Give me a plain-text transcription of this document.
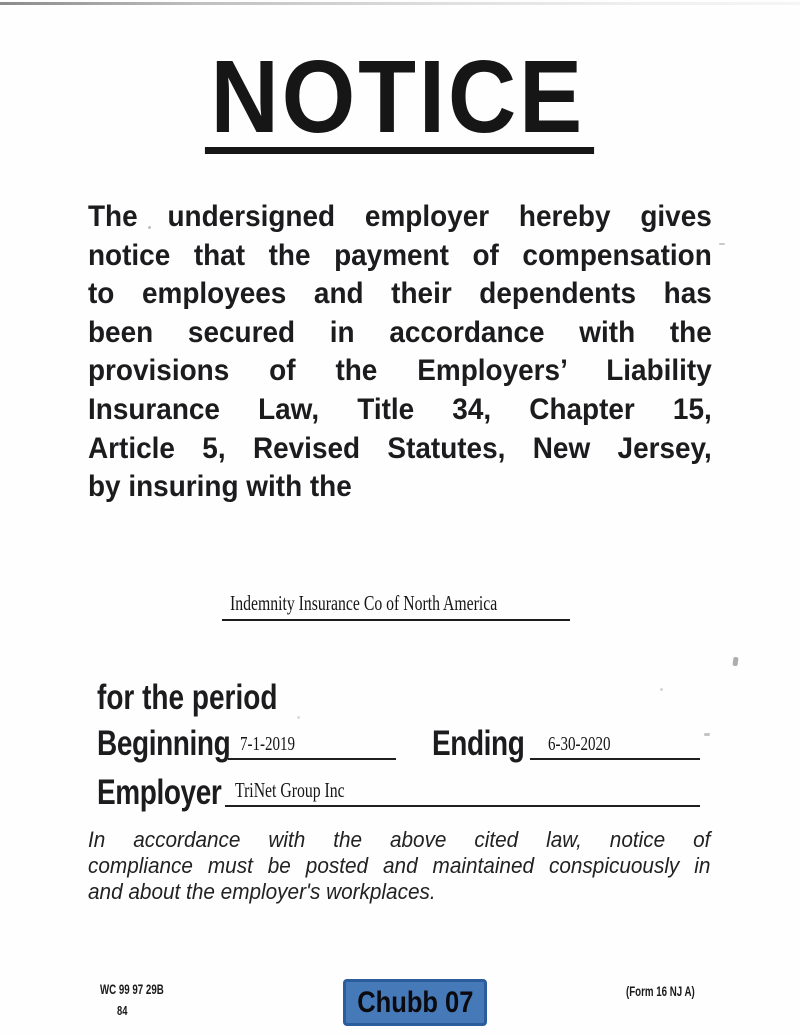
NOTICE
The undersigned employer hereby gives
notice that the payment of compensation
to employees and their dependents has
been secured in accordance with the
provisions of the Employers’ Liability
Insurance Law, Title 34, Chapter 15,
Article 5, Revised Statutes, New Jersey,
by insuring with the
Indemnity Insurance Co of North America
for the period
Beginning 7-1-2019	Ending 6-30-2020
Employer TriNet Group Inc
In accordance with the above cited law, notice of
compliance must be posted and maintained conspicuously in
and about the employer's workplaces.
WC 99 97 29B
84	Chubb 07	(Form 16 NJ A)
